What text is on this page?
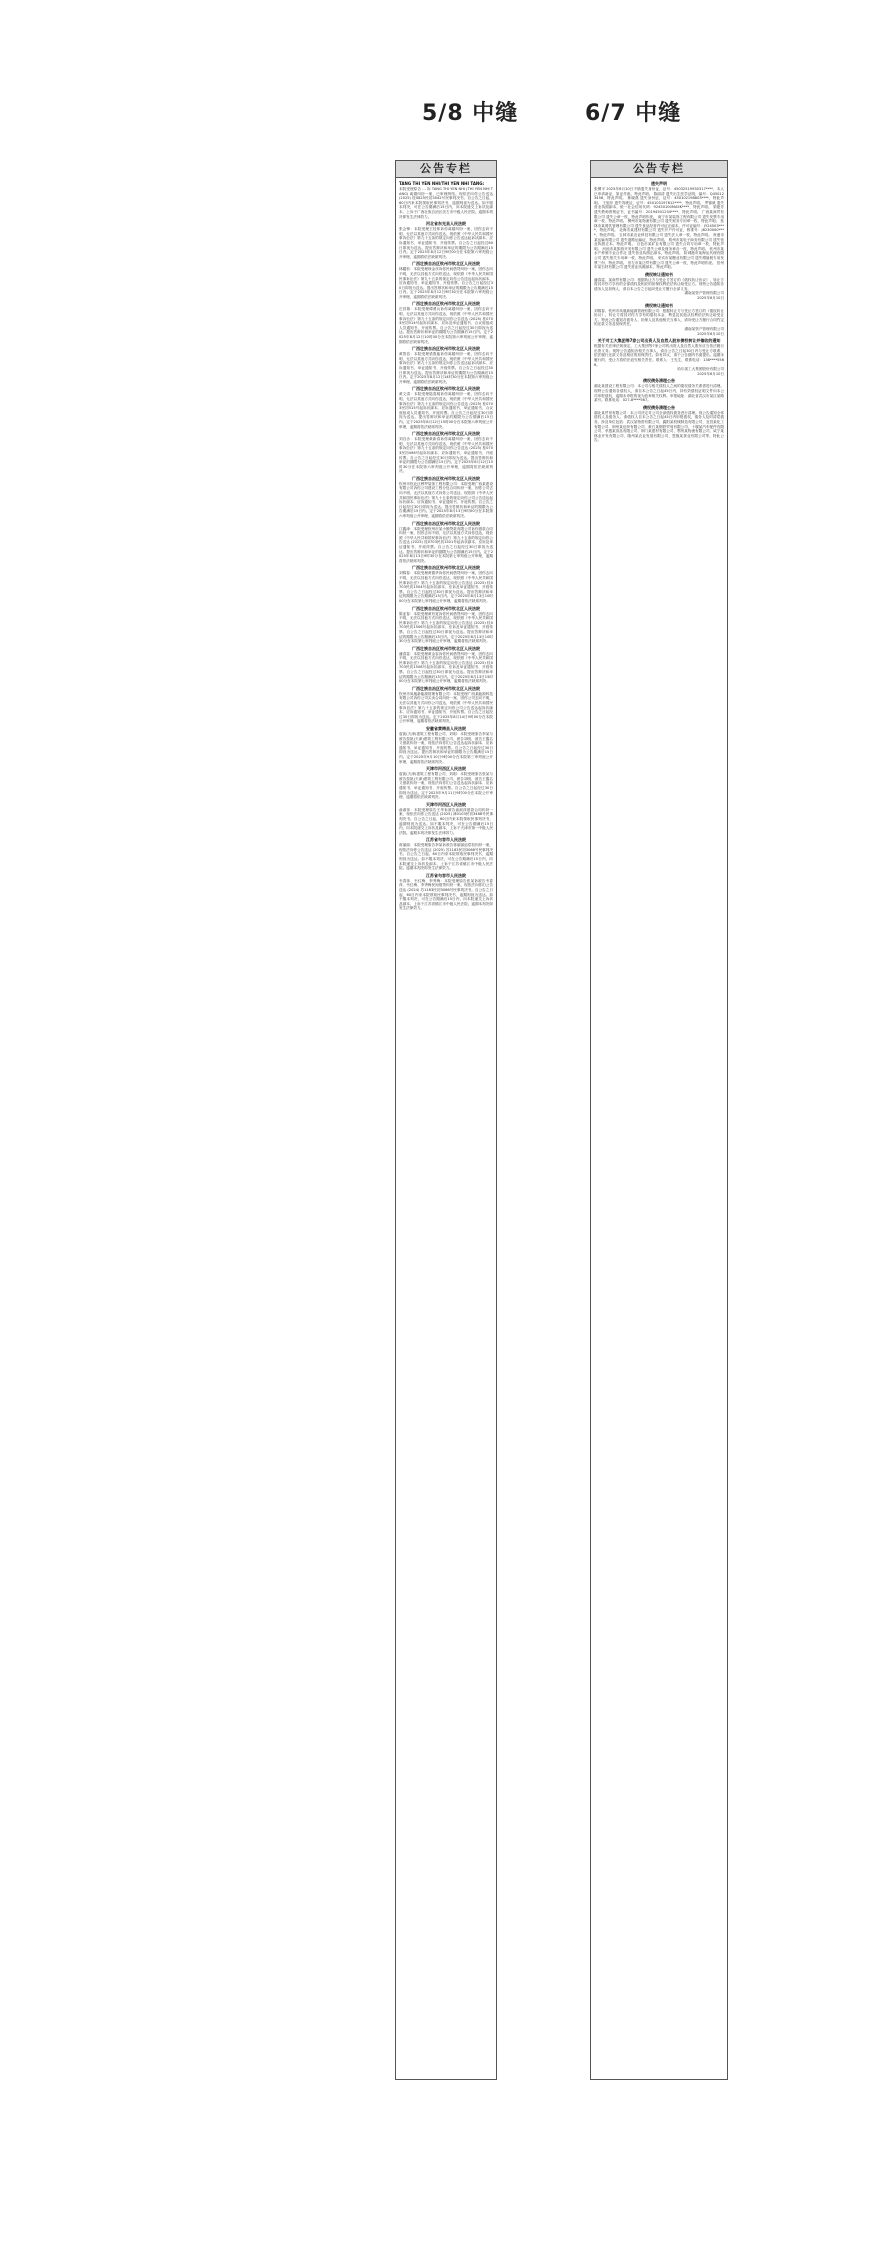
5/8 中缝	6/7 中缝
公告专栏
TANG THI YEN NHI/THI YEN NHI TANG:
本院受理原告 … 诉 TANG THI YEN NHI (THI YEN NHI TANG) 离婚纠纷一案，已审理终结。现依法向你公告送达 (2025) 桂0825民初3042号民事判决书。自公告之日起，60日内来本院领取民事判决书，逾期则视为送达。如不服本判决，可在公告期满后15日内，向本院递交上诉状及副本，上诉于广西壮族自治区崇左市中级人民法院。逾期本判决即发生法律效力。
河北省东光县人民法院
张会锋：本院受理王桂休诉你离婚纠纷一案，因你去向不明，无法以其他方式向你送达，现依照《中华人民共和国民事诉讼法》第九十五条的规定向你公告送达起诉状副本、应诉通知书、举证通知书、开庭传票。自公告之日起经过60日即视为送达。提出答辩状和举证的期限为公告期满后15日内。定于2025年8月12日9时00分在本院第六审判庭公开审理，逾期将依法缺席判决。
广西壮族自治区钦州市钦北区人民法院
林疆松：本院受理徐金彦诉你民间借贷纠纷一案，因你去向不明，无法以其他方式向你送达，现依照《中华人民共和国民事诉讼法》第九十五条的规定向你公告送达起诉状副本、应诉通知书、举证通知书、开庭传票。自公告之日起经过30日即视为送达。提出答辩状和举证的期限为公告期满后15日内。定于2025年8月12日9时30分在本院第六审判庭公开审理，逾期将依法缺席判决。
广西壮族自治区钦州市钦北区人民法院
庄昌雄：本院受理谭勇兵诉你离婚纠纷一案，因你去向不明，无法以其他方式向你送达，现依照《中华人民共和国民事诉讼法》第九十五条的规定向你公告送达 (2025) 桂0703民初514号起诉状副本、应诉及举证通知书、合议庭组成人员通知书、开庭传票。自公告之日起经过30日即视为送达。提出答辩状和举证的期限为公告期满后15日内。定于2025年8月12日10时00分在本院第六审判庭公开审理，逾期将依法缺席判决。
广西壮族自治区钦州市钦北区人民法院
黄智容：本院受理梁胜能诉你离婚纠纷一案，因你去向不明，无法以其他方式向你送达，现依照《中华人民共和国民事诉讼法》第九十五条的规定向你公告送达起诉状副本、应诉通知书、举证通知书、开庭传票。自公告之日起经过30日即视为送达。提出答辩状和举证的期限为公告期满后15日内。定于2025年8月12日14时30分在本院第六审判庭公开审理，逾期将依法缺席判决。
广西壮族自治区钦州市钦北区人民法院
黄文清：本院受理陆春桃诉你离婚纠纷一案，因你去向不明，无法以其他方式向你送达，现依照《中华人民共和国民事诉讼法》第九十五条的规定向你公告送达 (2025) 桂0703民初515号起诉状副本、应诉通知书、举证通知书、合议庭组成人员通知书、开庭传票。自公告之日起经过30日即视为送达。提出答辩状和举证的期限为公告期满后15日内。定于2025年8月12日15时00分在本院第六审判庭公开审理，逾期将依法缺席判决。
广西壮族自治区钦州市钦北区人民法院
刘自沙：本院受理黄新春诉你离婚纠纷一案，因你去向不明，无法以其他方式向你送达，现依照《中华人民共和国民事诉讼法》第九十五条的规定向你公告送达 (2025) 桂0703民初498号起诉状副本、应诉通知书、举证通知书、开庭传票。自公告之日起经过30日即视为送达。提出答辩状和举证的期限为公告期满后15日内。定于2025年8月12日15时30分在本院第六审判庭公开审理，逾期将依法缺席判决。
广西壮族自治区钦州市钦北区人民法院
钦州市钦北区穆罗装饰工程有限公司：本院受理广西某建设有限公司诉你公司建设工程分包合同纠纷一案，因你公司去向不明，无法以其他方式向你公司送达，现依照《中华人民共和国民事诉讼法》第九十五条的规定向你公司公告送达起诉状副本、应诉通知书、举证通知书、开庭传票。自公告之日起经过30日即视为送达。提出答辩状和举证的期限为公告期满后15日内。定于2025年8月13日9时00分在本院第六审判庭公开审理，逾期将依法缺席判决。
广西壮族自治区钦州市钦北区人民法院
江鑫涛：本院受理钦州市某小额贷款有限公司诉你借款合同纠纷一案，因你去向不明，无法以其他方式向你送达，现依照《中华人民共和国民事诉讼法》第九十五条的规定向你公告送达 (2025) 桂0703民初1501号起诉状副本、应诉及举证通知书、开庭传票。自公告之日起经过30日即视为送达。提出答辩状和举证的期限为公告期满后15日内。定于2025年8月13日9时30分在本院第七审判庭公开审理，逾期将依法缺席判决。
广西壮族自治区钦州市钦北区人民法院
刘锦春：本院受理黄德华诉你民间借贷纠纷一案，因你去向不明，无法以其他方式向你送达，现依照《中华人民共和国民事诉讼法》第九十五条的规定向你公告送达 (2025) 桂0703民初1504号起诉状副本、应诉及举证通知书、开庭传票。自公告之日起经过30日即视为送达。提出答辩状和举证的期限为公告期满后15日内。定于2025年8月13日10时00分在本院第七审判庭公开审理，逾期将依法缺席判决。
广西壮族自治区钦州市钦北区人民法院
陈亚春：本院受理黄有宽诉你民间借贷纠纷一案，因你去向不明，无法以其他方式向你送达，现依照《中华人民共和国民事诉讼法》第九十五条的规定向你公告送达 (2025) 桂0703民初1506号起诉状副本、应诉及举证通知书、开庭传票。自公告之日起经过30日即视为送达。提出答辩状和举证的期限为公告期满后15日内。定于2025年8月13日10时30分在本院第七审判庭公开审理，逾期将依法缺席判决。
广西壮族自治区钦州市钦北区人民法院
潘春雷：本院受理黄金容诉你民间借贷纠纷一案，因你去向不明，无法以其他方式向你送达，现依照《中华人民共和国民事诉讼法》第九十五条的规定向你公告送达 (2025) 桂0703民初1508号起诉状副本、应诉及举证通知书、开庭传票。自公告之日起经过30日即视为送达。提出答辩状和举证的期限为公告期满后15日内。定于2025年8月13日15时00分在本院第七审判庭公开审理，逾期将依法缺席判决。
广西壮族自治区钦州市钦北区人民法院
钦州市凤凰新能源管理有限公司：本院受理广西某能源科技有限公司诉你公司买卖合同纠纷一案，因你公司去向不明，无法以其他方式向你公司送达，现依照《中华人民共和国民事诉讼法》第九十五条的规定向你公司公告送达起诉状副本、应诉通知书、举证通知书、开庭传票。自公告之日起经过30日即视为送达。定于2025年8月14日9时00分在本院公开审理，逾期将依法缺席判决。
安徽省黄梅县人民法院
詹凯(天津)建筑工程有限公司、刘明：本院受理原告李某与被告詹凯(天津)建筑工程有限公司、被告刘明、被告王鑫名义借款纠纷一案，现依法向你们公告送达起诉状副本、应诉通知书、举证通知书、开庭传票。自公告之日起经过30日即视为送达。提出答辩状和举证的期限为公告期满后15日内。定于2025年9月10日9时00分在本院第三审判庭公开审理，逾期将依法缺席判决。
天津市河西区人民法院
詹凯(天津)建筑工程有限公司、刘明：本院受理原告张某与被告詹凯(天津)建筑工程有限公司、被告刘明、被告王鑫名义借款纠纷一案，现依法向你们公告送达起诉状副本、应诉通知书、举证通知书、开庭传票。自公告之日起经过30日即视为送达。定于2025年9月11日9时00分在本院公开审理，逾期将依法缺席判决。
天津市河西区人民法院
俞淑萍：本院受理原告王华诉被告俞淑萍借款合同纠纷一案，现依法向你公告送达 (2025) 津0103民初3468号民事判决书。自公告之日起，60日内来本院领取民事判决书，逾期则视为送达。如不服本判决，可在公告期满后15日内，向本院递交上诉状及副本，上诉于天津市第一中级人民法院。逾期本判决即发生法律效力。
江苏省句容市人民法院
蒋丽丽：本院受理原告李某诉被告蒋丽丽追偿权纠纷一案，现依法向你公告送达 (2025) 苏1183民初3066号民事判决书。自公告之日起，60日内来本院领取民事判决书，逾期则视为送达。如不服本判决，可在公告期满后15日内，向本院递交上诉状及副本，上诉于江苏省镇江市中级人民法院。逾期本判决即发生法律效力。
江苏省句容市人民法院
韦春萍、韦红梅、李秀梅：本院受理原告张某诉被告韦春萍、韦红梅、李秀梅民间借贷纠纷一案，现依法向你们公告送达 (2024) 苏1183民初3066号民事判决书。自公告之日起，60日内来本院领取民事判决书，逾期则视为送达。如不服本判决，可在公告期满后15日内，向本院递交上诉状及副本，上诉于江苏省镇江市中级人民法院。逾期本判决即发生法律效力。
公告专栏
遗失声明
张柳平 2025年6月10日不慎遗失身份证，证号：45032519930317****，本人已申请新证，原证作废。特此声明。 陈丽清 遗失出生医学证明，编号：Q450123456，特此声明。 林晓燕 遗失身份证，证号：450102198803****，特此声明。 王旭东 遗失驾驶证，证号：450103197612****，特此声明。 罗锦威 遗失营业执照副本，统一社会信用代码：92450100MA5K****，特此声明。 梁艳芳 遗失教师资格证书，证书编号：20194501234****，特此声明。 广西某商贸有限公司 遗失公章一枚，特此声明作废。 南宁市某装饰工程有限公司 遗失发票专用章一枚，特此声明。 柳州市某物流有限公司 遗失财务专用章一枚，特此声明。 桂林市某餐饮管理有限公司 遗失食品经营许可证正副本，许可证编号：JY24503****，特此声明。 北海市某建材有限公司 遗失开户许可证，核准号：J6230000****，特此声明。 玉林市某农业科技有限公司 遗失法人章一枚，特此声明。 贵港市某运输有限公司 遗失道路运输证，特此声明。 梧州市某电子商务有限公司 遗失营业执照正本，特此声明。 百色市某矿业有限公司 遗失合同专用章一枚，特此声明。 河池市某旅游开发有限公司 遗失公章及财务章各一枚，特此声明。 钦州市某水产养殖专业合作社 遗失营业执照正副本，特此声明。 防城港市某海运代理有限公司 遗失报关专用章一枚，特此声明。 来宾市某糖业有限公司 遗失增值税专用发票三份，特此声明。 崇左市某边贸有限公司 遗失公章一枚，特此声明作废。 贺州市某石材有限公司 遗失营业执照副本，特此声明。
债权转让通知书
潘春雷、某商贸有限公司：根据转让方与受让方签订的《债权转让协议》，转让方将其对你方享有的全部债权及相应的担保权利依法转让给受让方。现特公告通知各债务人及担保人，请自本公告之日起向受让方履行全部义务。
湖南某资产管理有限公司
2025年6月10日
债权转让通知书
刘锦春、钦州市凤凰新能源管理有限公司：根据转让方与受让方签订的《债权转让协议》，转让方将其对你方享有的债权本金、利息及其他从权利依法转让给受让方。特此公告通知各债务人、担保人及其他相关当事人，请向受让方履行合同约定的还款义务及担保责任。
湖南某资产管理有限公司
2025年6月10日
关于对工大集团等7家公司出资人及自然人股东债权转让并催收的通知
根据有关法律法规规定，工大集团等7家公司的出资人及自然人股东应当依法履行出资义务。现特公告通知各相关当事人，请自公告之日起30日内与受让方联系，依法履行还款义务及相应的担保责任。如有异议，请于公告期内书面提出。逾期未履行的，受让方将依法追究相关责任。联系人：王先生，联系电话：138****5566。
哈尔滨工大集团股份有限公司
2025年6月10日
债权债务清理公告
湖北某建设工程有限公司：本公司与相关债权人之间的债权债务关系需进行清理。现特公告通知各债权人，请自本公告之日起45日内，持有效债权证明文件向本公司申报债权，逾期未申报的视为放弃相关权利。申报地址：湖北省武汉市某区某路某号。联系电话：027-8****567。
债权债务清理公告
湖北某贸易有限公司：本公司决定对公司全部债权债务进行清理。现公告通知全体债权人及债务人，请债权人自本公告之日起45日内申报债权，债务人及时清偿债务。涉及单位包括：武汉某物资有限公司、襄阳某机械制造有限公司、宜昌某化工有限公司、荆州某纺织有限公司、黄石某钢铁贸易有限公司、十堰某汽车配件有限公司、孝感某食品有限公司、荆门某建材有限公司、鄂州某物流有限公司、咸宁某林业开发有限公司、随州某农业发展有限公司、恩施某茶业有限公司等。特此公告。
